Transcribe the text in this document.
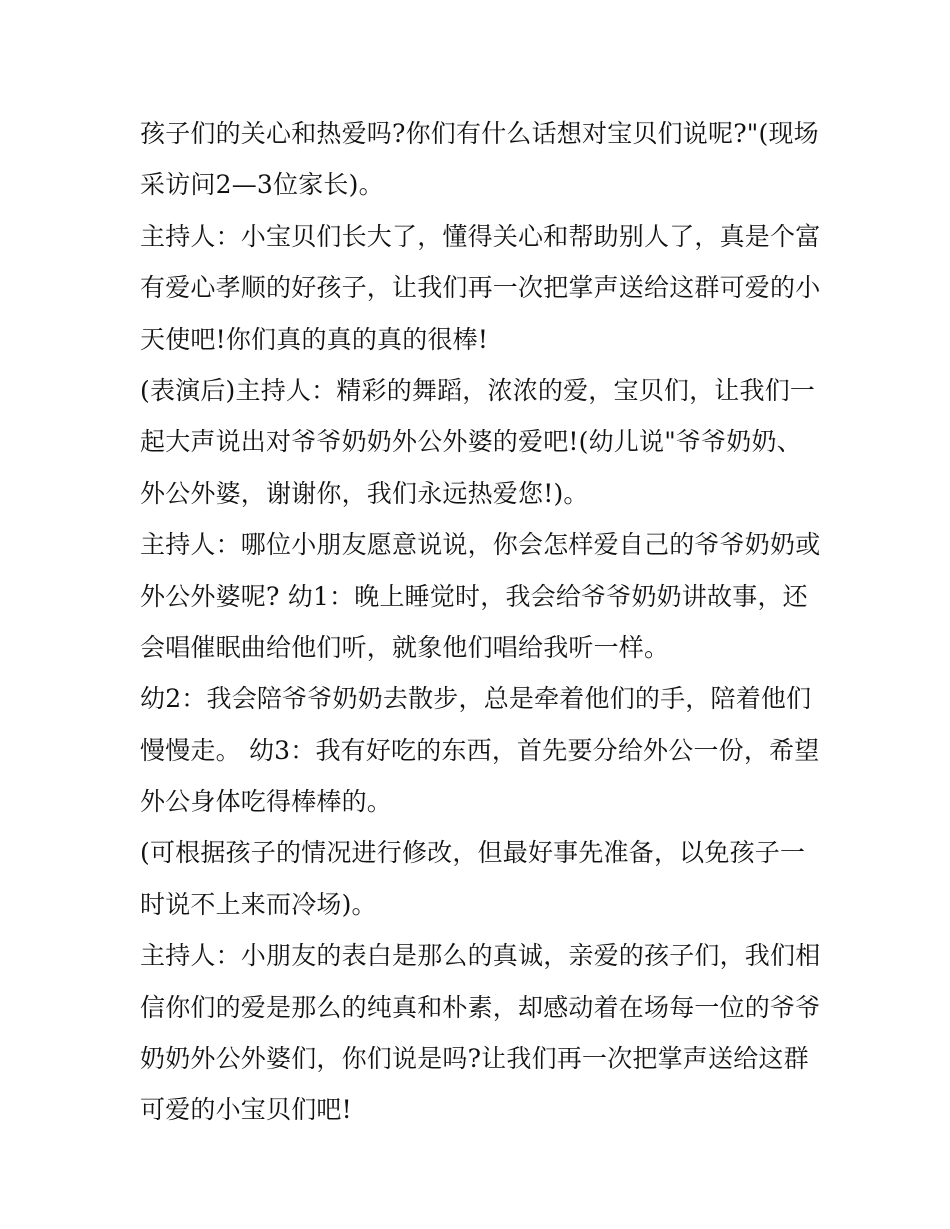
孩子们的关心和热爱吗?你们有什么话想对宝贝们说呢?"(现场
采访问2—3位家长)。
主持人：小宝贝们长大了，懂得关心和帮助别人了，真是个富
有爱心孝顺的好孩子，让我们再一次把掌声送给这群可爱的小
天使吧!你们真的真的真的很棒!
(表演后)主持人：精彩的舞蹈，浓浓的爱，宝贝们，让我们一
起大声说出对爷爷奶奶外公外婆的爱吧!(幼儿说"爷爷奶奶、
外公外婆，谢谢你，我们永远热爱您!)。
主持人：哪位小朋友愿意说说，你会怎样爱自己的爷爷奶奶或
外公外婆呢? 幼1：晚上睡觉时，我会给爷爷奶奶讲故事，还
会唱催眠曲给他们听，就象他们唱给我听一样。
幼2：我会陪爷爷奶奶去散步，总是牵着他们的手，陪着他们
慢慢走。 幼3：我有好吃的东西，首先要分给外公一份，希望
外公身体吃得棒棒的。
(可根据孩子的情况进行修改，但最好事先准备，以免孩子一
时说不上来而冷场)。
主持人：小朋友的表白是那么的真诚，亲爱的孩子们，我们相
信你们的爱是那么的纯真和朴素，却感动着在场每一位的爷爷
奶奶外公外婆们，你们说是吗?让我们再一次把掌声送给这群
可爱的小宝贝们吧!
